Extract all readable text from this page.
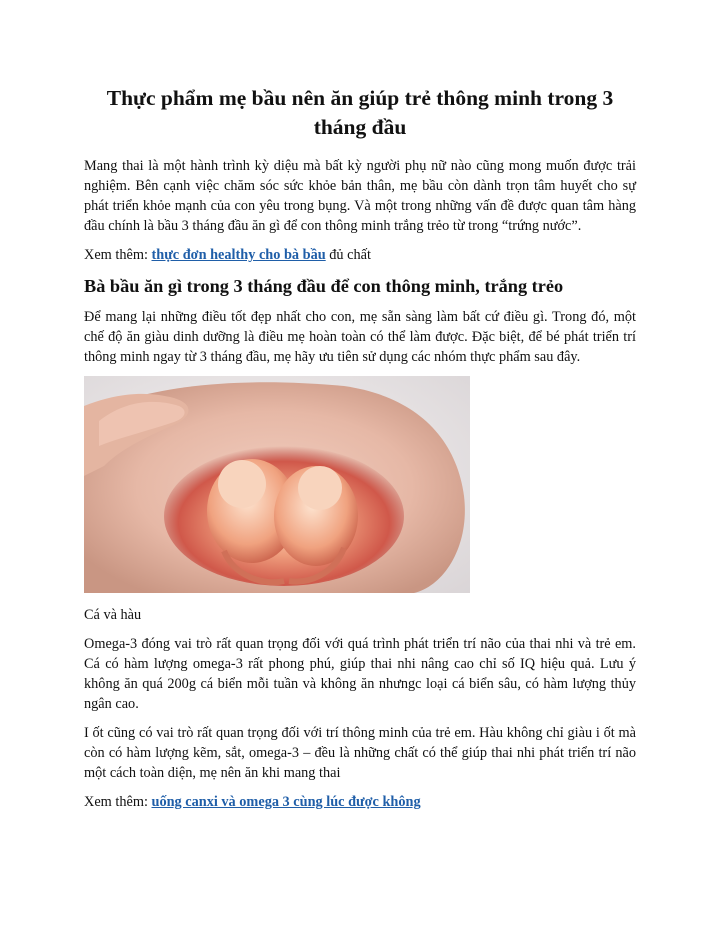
Thực phẩm mẹ bầu nên ăn giúp trẻ thông minh trong 3 tháng đầu

Mang thai là một hành trình kỳ diệu mà bất kỳ người phụ nữ nào cũng mong muốn được trải nghiệm. Bên cạnh việc chăm sóc sức khỏe bản thân, mẹ bầu còn dành trọn tâm huyết cho sự phát triển khỏe mạnh của con yêu trong bụng. Và một trong những vấn đề được quan tâm hàng đầu chính là bầu 3 tháng đầu ăn gì để con thông minh trắng trẻo từ trong “trứng nước”.

Xem thêm: thực đơn healthy cho bà bầu đủ chất

Bà bầu ăn gì trong 3 tháng đầu để con thông minh, trắng trẻo

Để mang lại những điều tốt đẹp nhất cho con, mẹ sẵn sàng làm bất cứ điều gì. Trong đó, một chế độ ăn giàu dinh dưỡng là điều mẹ hoàn toàn có thể làm được. Đặc biệt, để bé phát triển trí thông minh ngay từ 3 tháng đầu, mẹ hãy ưu tiên sử dụng các nhóm thực phẩm sau đây.

Cá và hàu

Omega-3 đóng vai trò rất quan trọng đối với quá trình phát triển trí não của thai nhi và trẻ em. Cá có hàm lượng omega-3 rất phong phú, giúp thai nhi nâng cao chỉ số IQ hiệu quả. Lưu ý không ăn quá 200g cá biển mỗi tuần và không ăn nhưngc loại cá biển sâu, có hàm lượng thủy ngân cao.

I ốt cũng có vai trò rất quan trọng đối với trí thông minh của trẻ em. Hàu không chỉ giàu i ốt mà còn có hàm lượng kẽm, sắt, omega-3 – đều là những chất có thể giúp thai nhi phát triển trí não một cách toàn diện, mẹ nên ăn khi mang thai

Xem thêm: uống canxi và omega 3 cùng lúc được không
